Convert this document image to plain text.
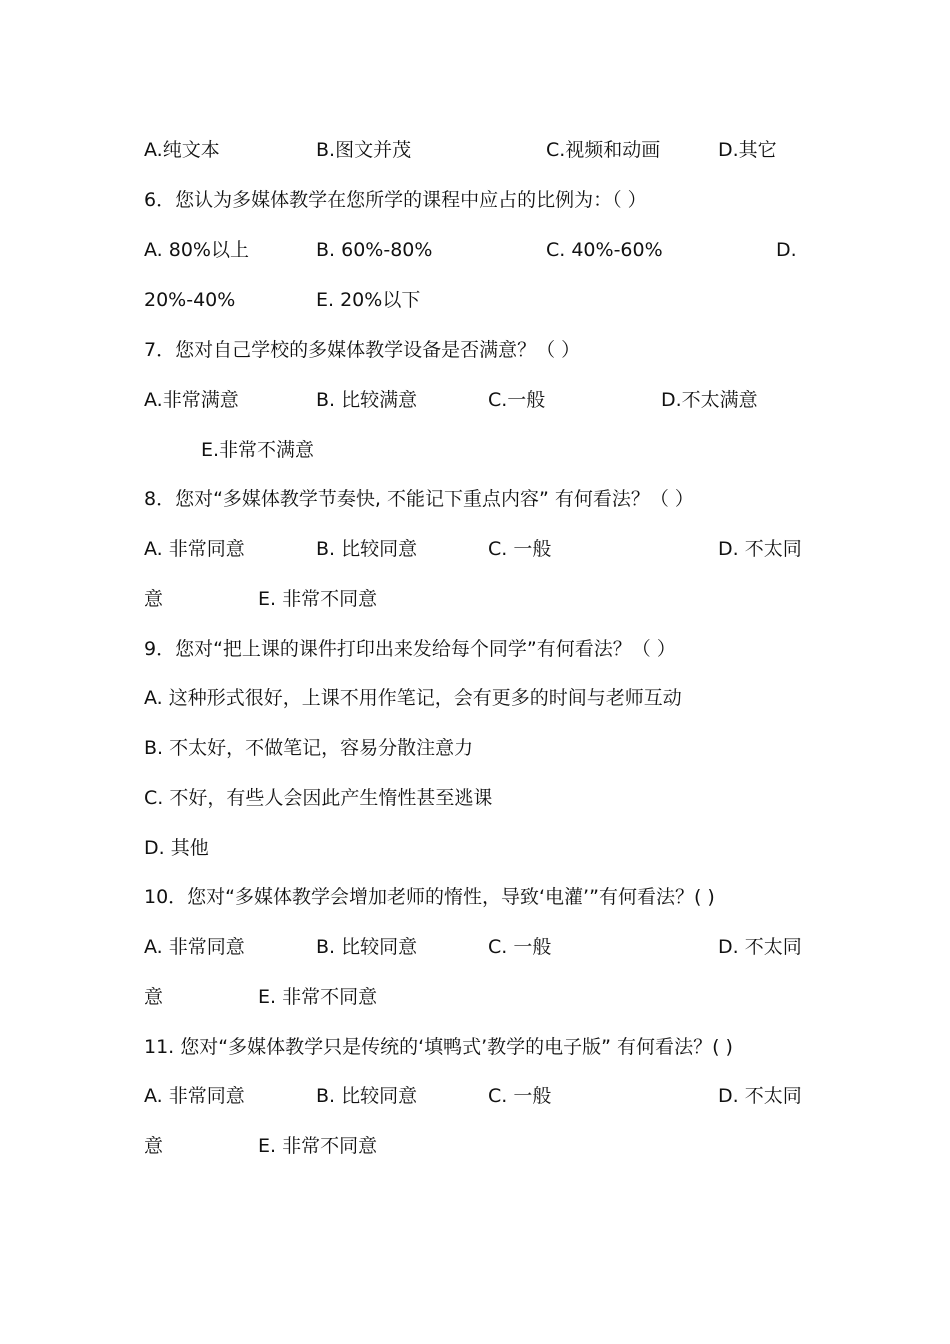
A.纯文本	B.图文并茂	C.视频和动画	D.其它
6．您认为多媒体教学在您所学的课程中应占的比例为：（ ）
A. 80%以上	B. 60%-80%	C. 40%-60%	D.
20%-40%	E. 20%以下
7．您对自己学校的多媒体教学设备是否满意？（ ）
A.非常满意	B. 比较满意	C.一般	D.不太满意
E.非常不满意
8．您对“多媒体教学节奏快, 不能记下重点内容” 有何看法？（ ）
A. 非常同意	B. 比较同意	C. 一般	D. 不太同
意	E. 非常不同意
9．您对“把上课的课件打印出来发给每个同学”有何看法？（ ）
A. 这种形式很好，上课不用作笔记，会有更多的时间与老师互动
B. 不太好，不做笔记，容易分散注意力
C. 不好，有些人会因此产生惰性甚至逃课
D. 其他
10．您对“多媒体教学会增加老师的惰性，导致‘电灌’”有何看法？( )
A. 非常同意	B. 比较同意	C. 一般	D. 不太同
意	E. 非常不同意
11. 您对“多媒体教学只是传统的‘填鸭式’教学的电子版” 有何看法？( )
A. 非常同意	B. 比较同意	C. 一般	D. 不太同
意	E. 非常不同意
